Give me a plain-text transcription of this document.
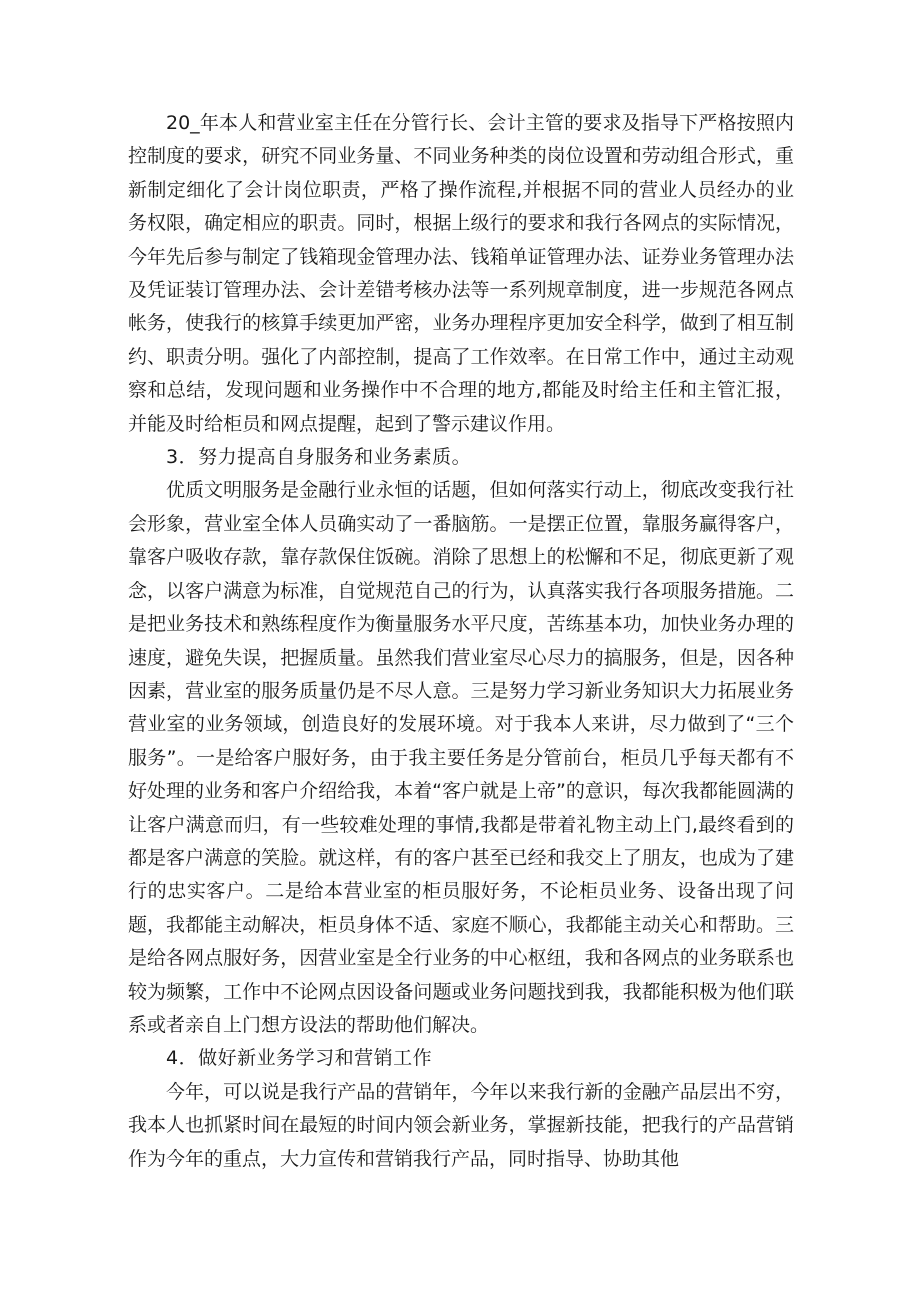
20_年本人和营业室主任在分管行长、会计主管的要求及指导下严格按照内控制度的要求，研究不同业务量、不同业务种类的岗位设置和劳动组合形式，重新制定细化了会计岗位职责，严格了操作流程,并根据不同的营业人员经办的业务权限，确定相应的职责。同时，根据上级行的要求和我行各网点的实际情况，今年先后参与制定了钱箱现金管理办法、钱箱单证管理办法、证券业务管理办法及凭证装订管理办法、会计差错考核办法等一系列规章制度，进一步规范各网点帐务，使我行的核算手续更加严密，业务办理程序更加安全科学，做到了相互制约、职责分明。强化了内部控制，提高了工作效率。在日常工作中，通过主动观察和总结，发现问题和业务操作中不合理的地方,都能及时给主任和主管汇报，并能及时给柜员和网点提醒，起到了警示建议作用。

3．努力提高自身服务和业务素质。

优质文明服务是金融行业永恒的话题，但如何落实行动上，彻底改变我行社会形象，营业室全体人员确实动了一番脑筋。一是摆正位置，靠服务赢得客户，靠客户吸收存款，靠存款保住饭碗。消除了思想上的松懈和不足，彻底更新了观念，以客户满意为标准，自觉规范自己的行为，认真落实我行各项服务措施。二是把业务技术和熟练程度作为衡量服务水平尺度，苦练基本功，加快业务办理的速度，避免失误，把握质量。虽然我们营业室尽心尽力的搞服务，但是，因各种因素，营业室的服务质量仍是不尽人意。三是努力学习新业务知识大力拓展业务营业室的业务领域，创造良好的发展环境。对于我本人来讲，尽力做到了“三个服务”。一是给客户服好务，由于我主要任务是分管前台，柜员几乎每天都有不好处理的业务和客户介绍给我，本着“客户就是上帝”的意识，每次我都能圆满的让客户满意而归，有一些较难处理的事情,我都是带着礼物主动上门,最终看到的都是客户满意的笑脸。就这样，有的客户甚至已经和我交上了朋友，也成为了建行的忠实客户。二是给本营业室的柜员服好务，不论柜员业务、设备出现了问题，我都能主动解决，柜员身体不适、家庭不顺心，我都能主动关心和帮助。三是给各网点服好务，因营业室是全行业务的中心枢纽，我和各网点的业务联系也较为频繁，工作中不论网点因设备问题或业务问题找到我，我都能积极为他们联系或者亲自上门想方设法的帮助他们解决。

4．做好新业务学习和营销工作

今年，可以说是我行产品的营销年，今年以来我行新的金融产品层出不穷，我本人也抓紧时间在最短的时间内领会新业务，掌握新技能，把我行的产品营销作为今年的重点，大力宣传和营销我行产品，同时指导、协助其他
